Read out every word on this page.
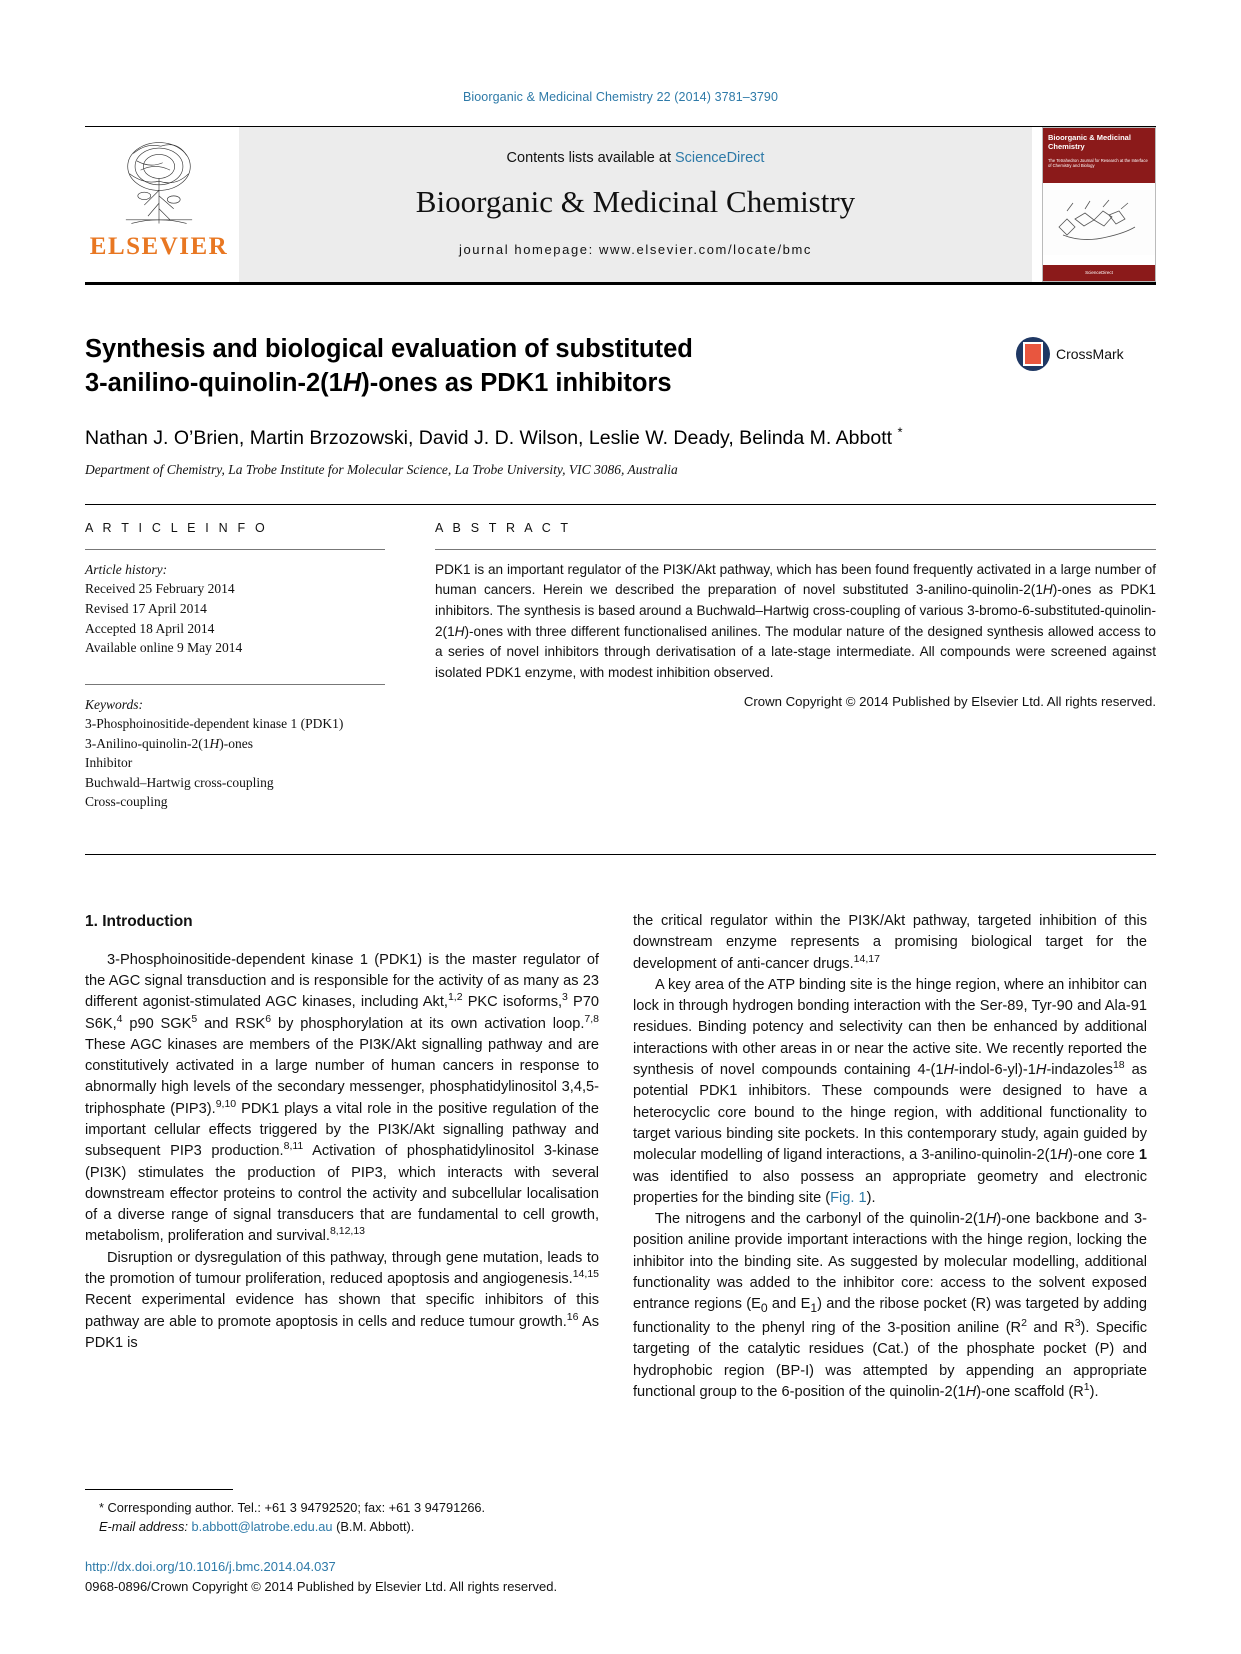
Bioorganic & Medicinal Chemistry 22 (2014) 3781–3790
ELSEVIER
Contents lists available at ScienceDirect
Bioorganic & Medicinal Chemistry
journal homepage: www.elsevier.com/locate/bmc
Bioorganic & Medicinal Chemistry
The Tetrahedron Journal for Research at the Interface of Chemistry and Biology
ScienceDirect
Synthesis and biological evaluation of substituted
3-anilino-quinolin-2(1H)-ones as PDK1 inhibitors
Nathan J. O’Brien, Martin Brzozowski, David J. D. Wilson, Leslie W. Deady, Belinda M. Abbott *
Department of Chemistry, La Trobe Institute for Molecular Science, La Trobe University, VIC 3086, Australia
CrossMark
A R T I C L E I N F O
Article history:
Received 25 February 2014
Revised 17 April 2014
Accepted 18 April 2014
Available online 9 May 2014
Keywords:
3-Phosphoinositide-dependent kinase 1 (PDK1)
3-Anilino-quinolin-2(1H)-ones
Inhibitor
Buchwald–Hartwig cross-coupling
Cross-coupling
A B S T R A C T
PDK1 is an important regulator of the PI3K/Akt pathway, which has been found frequently activated in a large number of human cancers. Herein we described the preparation of novel substituted 3-anilino-quinolin-2(1H)-ones as PDK1 inhibitors. The synthesis is based around a Buchwald–Hartwig cross-coupling of various 3-bromo-6-substituted-quinolin-2(1H)-ones with three different functionalised anilines. The modular nature of the designed synthesis allowed access to a series of novel inhibitors through derivatisation of a late-stage intermediate. All compounds were screened against isolated PDK1 enzyme, with modest inhibition observed.
Crown Copyright © 2014 Published by Elsevier Ltd. All rights reserved.
1. Introduction

3-Phosphoinositide-dependent kinase 1 (PDK1) is the master regulator of the AGC signal transduction and is responsible for the activity of as many as 23 different agonist-stimulated AGC kinases, including Akt,$^{1,2}$ PKC isoforms,$^3$ P70 S6K,$^4$ p90 SGK$^5$ and RSK$^6$ by phosphorylation at its own activation loop.$^{7,8}$ These AGC kinases are members of the PI3K/Akt signalling pathway and are constitutively activated in a large number of human cancers in response to abnormally high levels of the secondary messenger, phosphatidylinositol 3,4,5-triphosphate (PIP3).$^{9,10}$ PDK1 plays a vital role in the positive regulation of the important cellular effects triggered by the PI3K/Akt signalling pathway and subsequent PIP3 production.$^{8,11}$ Activation of phosphatidylinositol 3-kinase (PI3K) stimulates the production of PIP3, which interacts with several downstream effector proteins to control the activity and subcellular localisation of a diverse range of signal transducers that are fundamental to cell growth, metabolism, proliferation and survival.$^{8,12,13}$

Disruption or dysregulation of this pathway, through gene mutation, leads to the promotion of tumour proliferation, reduced apoptosis and angiogenesis.$^{14,15}$ Recent experimental evidence has shown that specific inhibitors of this pathway are able to promote apoptosis in cells and reduce tumour growth.$^{16}$ As PDK1 is

the critical regulator within the PI3K/Akt pathway, targeted inhibition of this downstream enzyme represents a promising biological target for the development of anti-cancer drugs.$^{14,17}$

A key area of the ATP binding site is the hinge region, where an inhibitor can lock in through hydrogen bonding interaction with the Ser-89, Tyr-90 and Ala-91 residues. Binding potency and selectivity can then be enhanced by additional interactions with other areas in or near the active site. We recently reported the synthesis of novel compounds containing 4-(1H-indol-6-yl)-1H-indazoles$^{18}$ as potential PDK1 inhibitors. These compounds were designed to have a heterocyclic core bound to the hinge region, with additional functionality to target various binding site pockets. In this contemporary study, again guided by molecular modelling of ligand interactions, a 3-anilino-quinolin-2(1H)-one core 1 was identified to also possess an appropriate geometry and electronic properties for the binding site (Fig. 1).

The nitrogens and the carbonyl of the quinolin-2(1H)-one backbone and 3-position aniline provide important interactions with the hinge region, locking the inhibitor into the binding site. As suggested by molecular modelling, additional functionality was added to the inhibitor core: access to the solvent exposed entrance regions ($E_0$ and $E_1$) and the ribose pocket (R) was targeted by adding functionality to the phenyl ring of the 3-position aniline ($R^2$ and $R^3$). Specific targeting of the catalytic residues (Cat.) of the phosphate pocket (P) and hydrophobic region (BP-I) was attempted by appending an appropriate functional group to the 6-position of the quinolin-2(1H)-one scaffold $(R^1)$.

* Corresponding author. Tel.: +61 3 94792520; fax: +61 3 94791266.
E-mail address: b.abbott@latrobe.edu.au (B.M. Abbott).
http://dx.doi.org/10.1016/j.bmc.2014.04.037
0968-0896/Crown Copyright © 2014 Published by Elsevier Ltd. All rights reserved.
